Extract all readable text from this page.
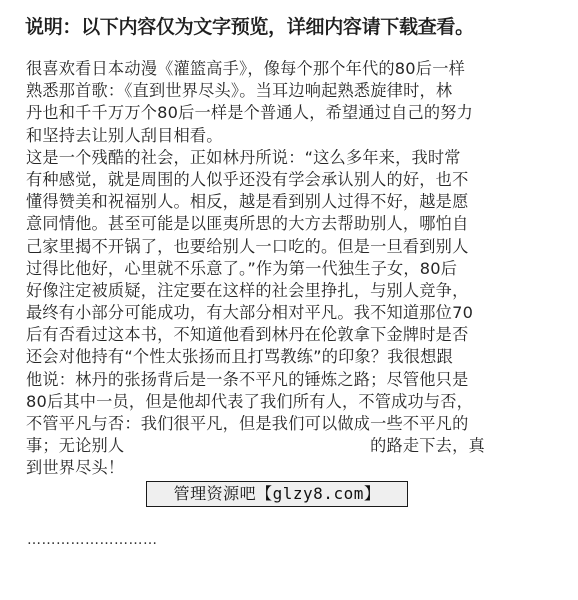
说明：以下内容仅为文字预览，详细内容请下载查看。
很喜欢看日本动漫《灌篮高手》，像每个那个年代的80后一样
熟悉那首歌：《直到世界尽头》。当耳边响起熟悉旋律时，林
丹也和千千万万个80后一样是个普通人，希望通过自己的努力
和坚持去让别人刮目相看。
这是一个残酷的社会，正如林丹所说：“这么多年来，我时常
有种感觉，就是周围的人似乎还没有学会承认别人的好，也不
懂得赞美和祝福别人。相反，越是看到别人过得不好，越是愿
意同情他。甚至可能是以匪夷所思的大方去帮助别人，哪怕自
己家里揭不开锅了，也要给别人一口吃的。但是一旦看到别人
过得比他好，心里就不乐意了。”作为第一代独生子女，80后
好像注定被质疑，注定要在这样的社会里挣扎，与别人竞争，
最终有小部分可能成功，有大部分相对平凡。我不知道那位70
后有否看过这本书，不知道他看到林丹在伦敦拿下金牌时是否
还会对他持有“个性太张扬而且打骂教练”的印象？我很想跟
他说：林丹的张扬背后是一条不平凡的锤炼之路；尽管他只是
80后其中一员，但是他却代表了我们所有人，不管成功与否，
不管平凡与否：我们很平凡，但是我们可以做成一些不平凡的
事；无论别人　　　　　　　　　　　　　　　的路走下去，真
到世界尽头！
………………………
管理资源吧【glzy8.com】
